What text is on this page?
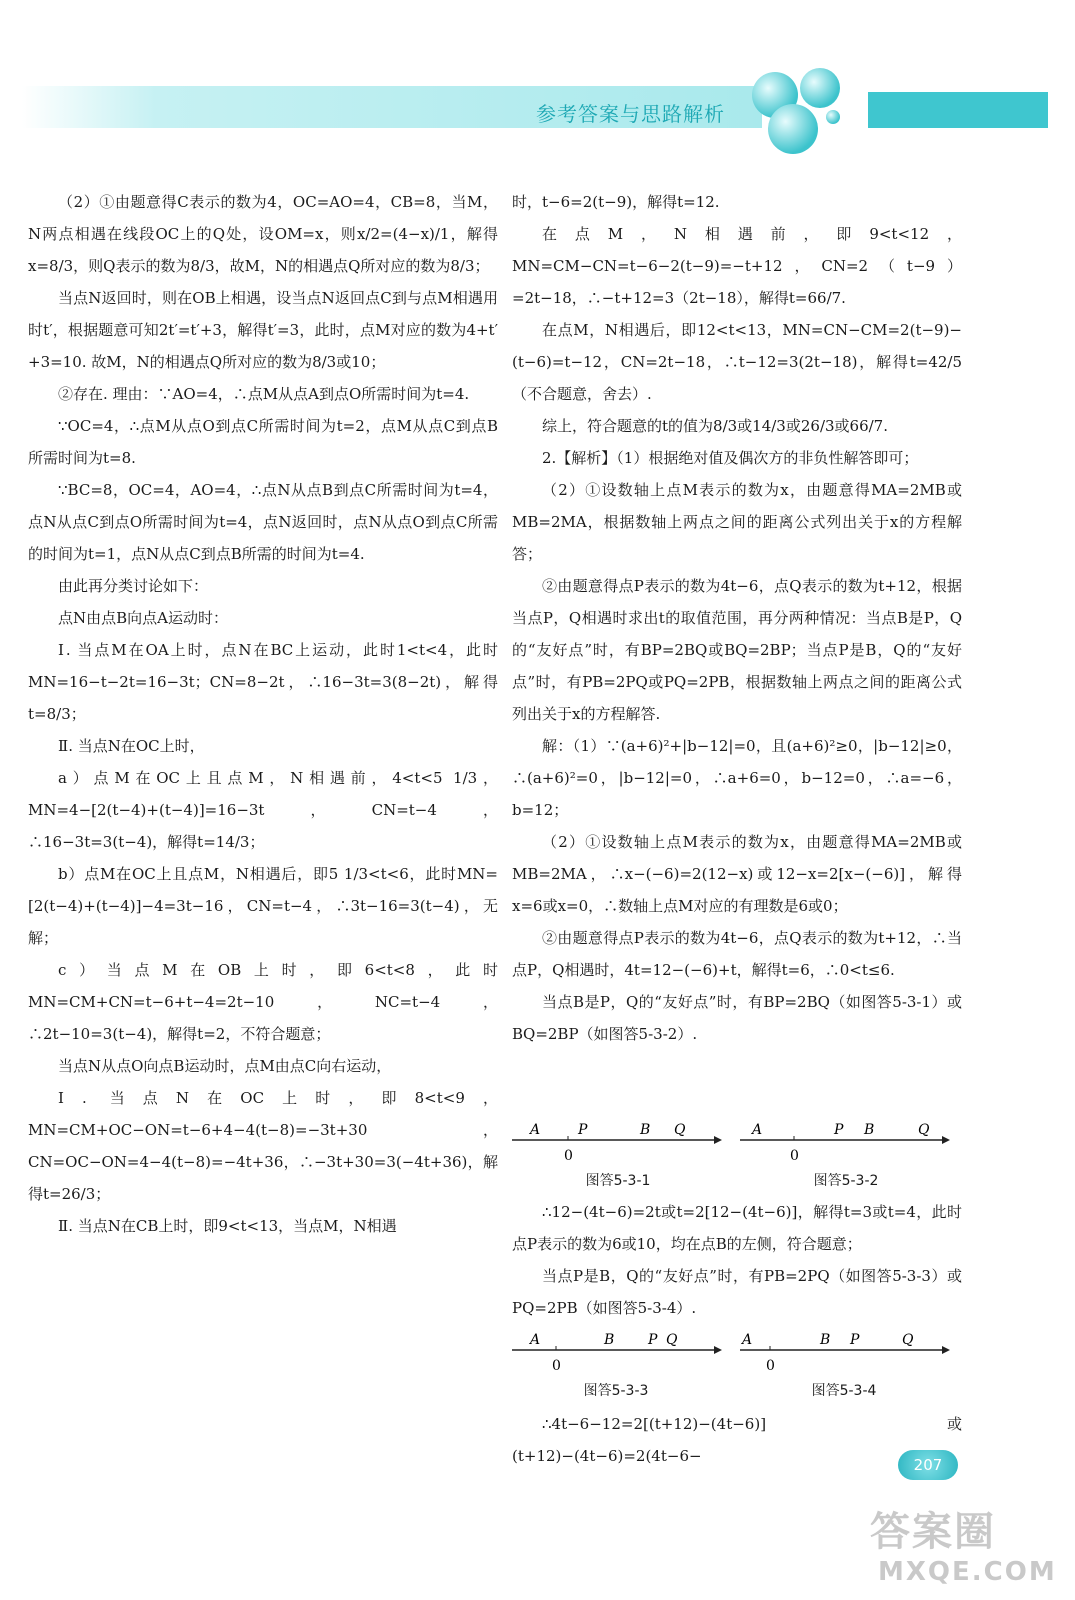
参考答案与思路解析

（2）①由题意得C表示的数为4，OC=AO=4，CB=8，当M，N两点相遇在线段OC上的Q处，设OM=x，则x/2=(4−x)/1，解得x=8/3，则Q表示的数为8/3，故M，N的相遇点Q所对应的数为8/3；

当点N返回时，则在OB上相遇，设当点N返回点C到与点M相遇用时t′，根据题意可知2t′=t′+3，解得t′=3，此时，点M对应的数为4+t′+3=10. 故M，N的相遇点Q所对应的数为8/3或10；

②存在. 理由：∵AO=4，∴点M从点A到点O所需时间为t=4.

∵OC=4，∴点M从点O到点C所需时间为t=2，点M从点C到点B所需时间为t=8.

∵BC=8，OC=4，AO=4，∴点N从点B到点C所需时间为t=4，点N从点C到点O所需时间为t=4，点N返回时，点N从点O到点C所需的时间为t=1，点N从点C到点B所需的时间为t=4.

由此再分类讨论如下：

点N由点B向点A运动时：

Ⅰ. 当点M在OA上时，点N在BC上运动，此时1<t<4，此时MN=16−t−2t=16−3t；CN=8−2t，∴16−3t=3(8−2t)，解得t=8/3；

Ⅱ. 当点N在OC上时，

a）点M在OC上且点M，N相遇前，4<t<5 1/3，MN=4−[2(t−4)+(t−4)]=16−3t，CN=t−4，∴16−3t=3(t−4)，解得t=14/3；

b）点M在OC上且点M，N相遇后，即5 1/3<t<6，此时MN=[2(t−4)+(t−4)]−4=3t−16，CN=t−4，∴3t−16=3(t−4)，无解；

c）当点M在OB上时，即6<t<8，此时MN=CM+CN=t−6+t−4=2t−10，NC=t−4，∴2t−10=3(t−4)，解得t=2，不符合题意；

当点N从点O向点B运动时，点M由点C向右运动，

Ⅰ. 当点N在OC上时，即8<t<9，MN=CM+OC−ON=t−6+4−4(t−8)=−3t+30，CN=OC−ON=4−4(t−8)=−4t+36，∴−3t+30=3(−4t+36)，解得t=26/3；

Ⅱ. 当点N在CB上时，即9<t<13，当点M，N相遇

时，t−6=2(t−9)，解得t=12.

在点M，N相遇前，即9<t<12，MN=CM−CN=t−6−2(t−9)=−t+12，CN=2（t−9）=2t−18，∴−t+12=3（2t−18），解得t=66/7.

在点M，N相遇后，即12<t<13，MN=CN−CM=2(t−9)−(t−6)=t−12，CN=2t−18，∴t−12=3(2t−18)，解得t=42/5（不合题意，舍去）.

综上，符合题意的t的值为8/3或14/3或26/3或66/7.

2.【解析】（1）根据绝对值及偶次方的非负性解答即可；

（2）①设数轴上点M表示的数为x，由题意得MA=2MB或MB=2MA，根据数轴上两点之间的距离公式列出关于x的方程解答；

②由题意得点P表示的数为4t−6，点Q表示的数为t+12，根据当点P，Q相遇时求出t的取值范围，再分两种情况：当点B是P，Q的“友好点”时，有BP=2BQ或BQ=2BP；当点P是B，Q的“友好点”时，有PB=2PQ或PQ=2PB，根据数轴上两点之间的距离公式列出关于x的方程解答.

解：（1）∵(a+6)²+|b−12|=0，且(a+6)²≥0，|b−12|≥0，∴(a+6)²=0，|b−12|=0，∴a+6=0，b−12=0，∴a=−6，b=12；

（2）①设数轴上点M表示的数为x，由题意得MA=2MB或MB=2MA，∴x−(−6)=2(12−x)或12−x=2[x−(−6)]，解得x=6或x=0，∴数轴上点M对应的有理数是6或0；

②由题意得点P表示的数为4t−6，点Q表示的数为t+12，∴当点P，Q相遇时，4t=12−(−6)+t，解得t=6，∴0<t≤6.

当点B是P，Q的“友好点”时，有BP=2BQ（如图答5-3-1）或BQ=2BP（如图答5-3-2）.

A	P	B Q
0
图答5-3-1
A	P B	Q
0
图答5-3-2

∴12−(4t−6)=2t或t=2[12−(4t−6)]，解得t=3或t=4，此时点P表示的数为6或10，均在点B的左侧，符合题意；

当点P是B，Q的“友好点”时，有PB=2PQ（如图答5-3-3）或PQ=2PB（如图答5-3-4）.

A	B P Q
0
图答5-3-3
A	B P	Q
0
图答5-3-4

∴4t−6−12=2[(t+12)−(4t−6)]或(t+12)−(4t−6)=2(4t−6−	207
答案圈
MXQE.COM
